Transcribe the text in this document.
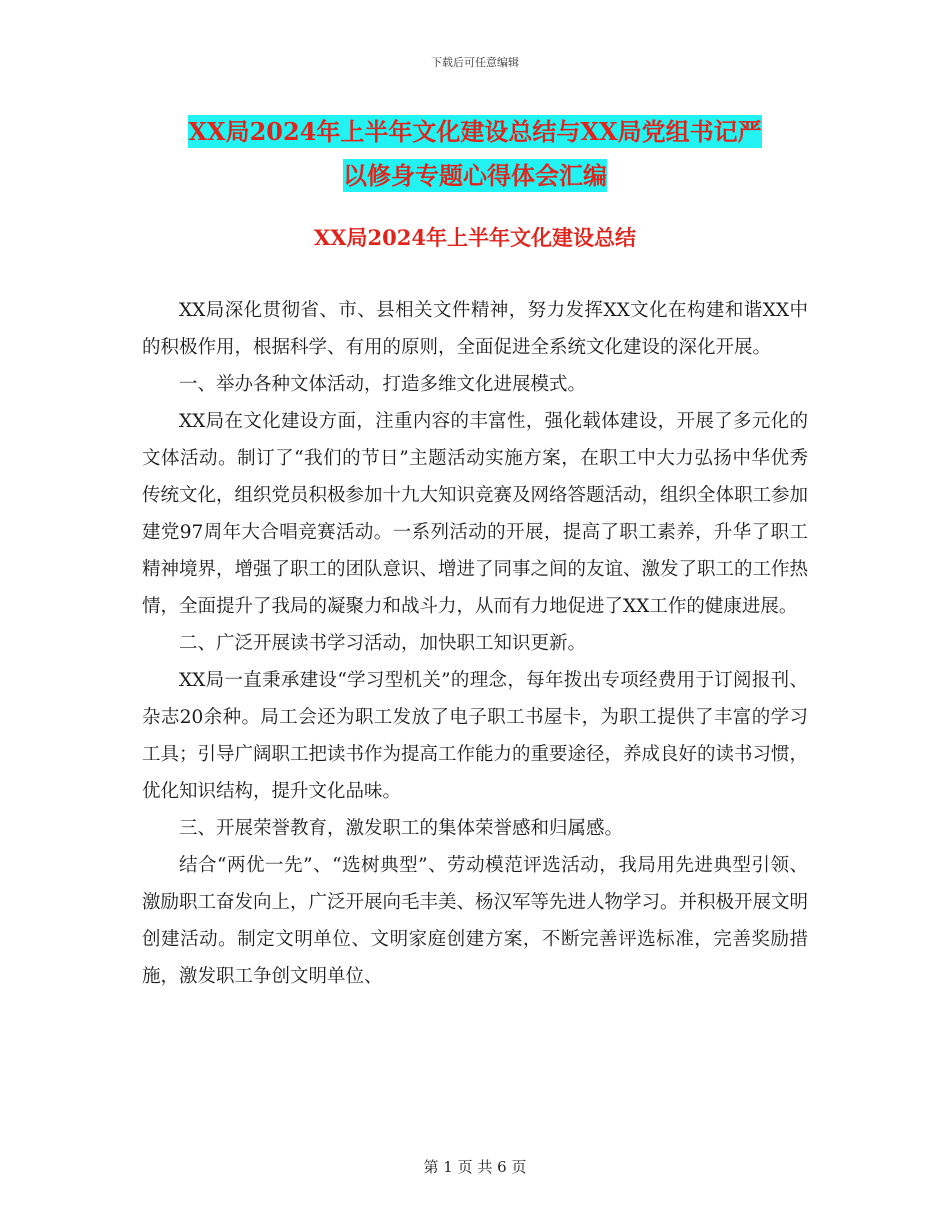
下载后可任意编辑
XX局2024年上半年文化建设总结与XX局党组书记严
以修身专题心得体会汇编
XX局2024年上半年文化建设总结

XX局深化贯彻省、市、县相关文件精神，努力发挥XX文化在构建和谐XX中的积极作用，根据科学、有用的原则，全面促进全系统文化建设的深化开展。

一、举办各种文体活动，打造多维文化进展模式。

XX局在文化建设方面，注重内容的丰富性，强化载体建设，开展了多元化的文体活动。制订了“我们的节日”主题活动实施方案，在职工中大力弘扬中华优秀传统文化，组织党员积极参加十九大知识竞赛及网络答题活动，组织全体职工参加建党97周年大合唱竞赛活动。一系列活动的开展，提高了职工素养，升华了职工精神境界，增强了职工的团队意识、增进了同事之间的友谊、激发了职工的工作热情，全面提升了我局的凝聚力和战斗力，从而有力地促进了XX工作的健康进展。

二、广泛开展读书学习活动，加快职工知识更新。

XX局一直秉承建设“学习型机关”的理念，每年拨出专项经费用于订阅报刊、杂志20余种。局工会还为职工发放了电子职工书屋卡，为职工提供了丰富的学习工具；引导广阔职工把读书作为提高工作能力的重要途径，养成良好的读书习惯，优化知识结构，提升文化品味。

三、开展荣誉教育，激发职工的集体荣誉感和归属感。

结合“两优一先”、“选树典型”、劳动模范评选活动，我局用先进典型引领、激励职工奋发向上，广泛开展向毛丰美、杨汉军等先进人物学习。并积极开展文明创建活动。制定文明单位、文明家庭创建方案，不断完善评选标准，完善奖励措施，激发职工争创文明单位、

第 1 页 共 6 页
